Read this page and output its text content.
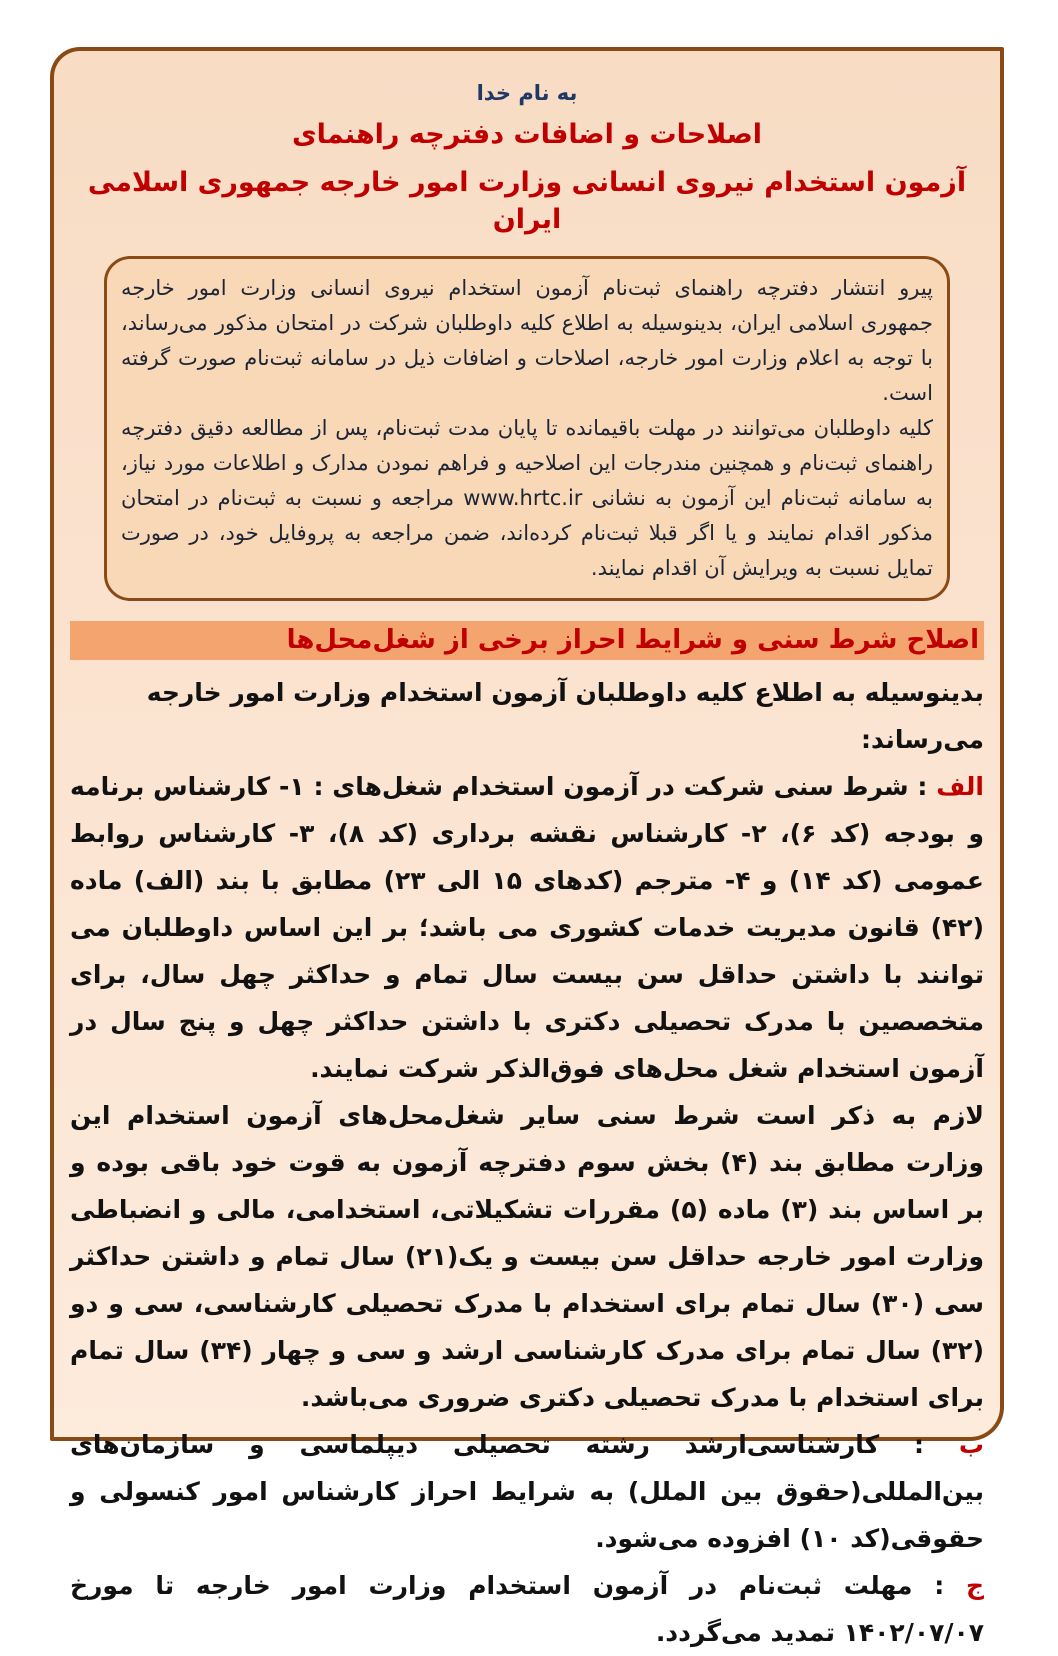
به نام خدا
اصلاحات و اضافات دفترچه راهنمای
آزمون استخدام نیروی انسانی وزارت امور خارجه جمهوری اسلامی ایران

پیرو انتشار دفترچه راهنمای ثبت‌نام آزمون استخدام نیروی انسانی وزارت امور خارجه جمهوری اسلامی ایران، بدینوسیله به اطلاع کلیه داوطلبان شرکت در امتحان مذکور می‌رساند، با توجه به اعلام وزارت امور خارجه، اصلاحات و اضافات ذیل در سامانه ثبت‌نام صورت گرفته است.

کلیه داوطلبان می‌توانند در مهلت باقیمانده تا پایان مدت ثبت‌نام، پس از مطالعه دقیق دفترچه راهنمای ثبت‌نام و همچنین مندرجات این اصلاحیه و فراهم نمودن مدارک و اطلاعات مورد نیاز، به سامانه ثبت‌نام این آزمون به نشانی www.hrtc.ir مراجعه و نسبت به ثبت‌نام در امتحان مذکور اقدام نمایند و یا اگر قبلا ثبت‌نام کرده‌اند، ضمن مراجعه به پروفایل خود، در صورت تمایل نسبت به ویرایش آن اقدام نمایند.

اصلاح شرط سنی و شرایط احراز برخی از شغل‌محل‌ها

بدینوسیله به اطلاع کلیه داوطلبان آزمون استخدام وزارت امور خارجه می‌رساند:

الف : شرط سنی شرکت در آزمون استخدام شغل‌های : ۱- کارشناس برنامه و بودجه (کد ۶)، ۲- کارشناس نقشه برداری (کد ۸)، ۳- کارشناس روابط عمومی (کد ۱۴) و ۴- مترجم (کدهای ۱۵ الی ۲۳) مطابق با بند (الف) ماده (۴۲) قانون مدیریت خدمات کشوری می باشد؛ بر این اساس داوطلبان می توانند با داشتن حداقل سن بیست سال تمام و حداکثر چهل سال، برای متخصصین با مدرک تحصیلی دکتری با داشتن حداکثر چهل و پنج سال در آزمون استخدام شغل محل‌های فوق‌الذکر شرکت نمایند.

لازم به ذکر است شرط سنی سایر شغل‌محل‌های آزمون استخدام این وزارت مطابق بند (۴) بخش سوم دفترچه آزمون به قوت خود باقی بوده و بر اساس بند (۳) ماده (۵) مقررات تشکیلاتی، استخدامی، مالی و انضباطی وزارت امور خارجه حداقل سن بیست و یک(۲۱) سال تمام و داشتن حداکثر سی (۳۰) سال تمام برای استخدام با مدرک تحصیلی کارشناسی، سی و دو (۳۲) سال تمام برای مدرک کارشناسی ارشد و سی و چهار (۳۴) سال تمام برای استخدام با مدرک تحصیلی دکتری ضروری می‌باشد.

ب : کارشناسی‌ارشد رشته تحصیلی دیپلماسی و سازمان‌های بین‌المللی(حقوق بین الملل) به شرایط احراز کارشناس امور کنسولی و حقوقی(کد ۱۰) افزوده می‌شود.

ج : مهلت ثبت‌نام در آزمون استخدام وزارت امور خارجه تا مورخ ۱۴۰۲/۰۷/۰۷ تمدید می‌گردد.
